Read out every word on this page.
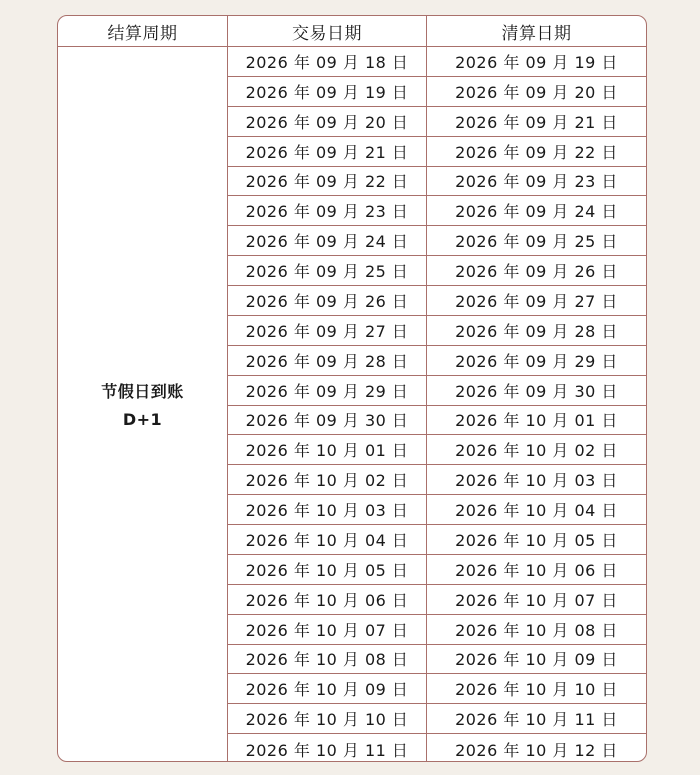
结算周期	交易日期	清算日期
节假日到账
D+1
2026 年 09 月 18 日	2026 年 09 月 19 日
2026 年 09 月 19 日	2026 年 09 月 20 日
2026 年 09 月 20 日	2026 年 09 月 21 日
2026 年 09 月 21 日	2026 年 09 月 22 日
2026 年 09 月 22 日	2026 年 09 月 23 日
2026 年 09 月 23 日	2026 年 09 月 24 日
2026 年 09 月 24 日	2026 年 09 月 25 日
2026 年 09 月 25 日	2026 年 09 月 26 日
2026 年 09 月 26 日	2026 年 09 月 27 日
2026 年 09 月 27 日	2026 年 09 月 28 日
2026 年 09 月 28 日	2026 年 09 月 29 日
2026 年 09 月 29 日	2026 年 09 月 30 日
2026 年 09 月 30 日	2026 年 10 月 01 日
2026 年 10 月 01 日	2026 年 10 月 02 日
2026 年 10 月 02 日	2026 年 10 月 03 日
2026 年 10 月 03 日	2026 年 10 月 04 日
2026 年 10 月 04 日	2026 年 10 月 05 日
2026 年 10 月 05 日	2026 年 10 月 06 日
2026 年 10 月 06 日	2026 年 10 月 07 日
2026 年 10 月 07 日	2026 年 10 月 08 日
2026 年 10 月 08 日	2026 年 10 月 09 日
2026 年 10 月 09 日	2026 年 10 月 10 日
2026 年 10 月 10 日	2026 年 10 月 11 日
2026 年 10 月 11 日	2026 年 10 月 12 日
